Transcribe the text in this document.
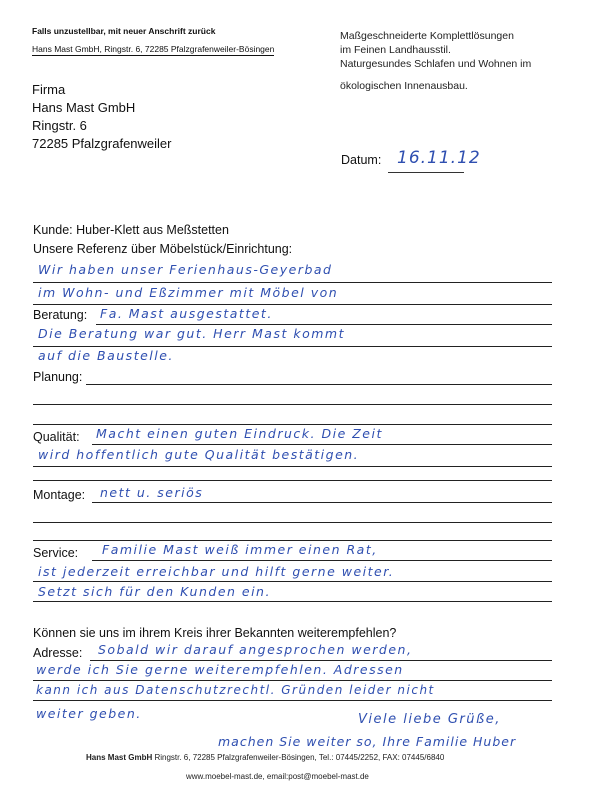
Falls unzustellbar, mit neuer Anschrift zurück
Hans Mast GmbH, Ringstr. 6, 72285 Pfalzgrafenweiler-Bösingen
Maßgeschneiderte Komplettlösungen
im Feinen Landhausstil.
Naturgesundes Schlafen und Wohnen im
ökologischen Innenausbau.
Firma
Hans Mast GmbH
Ringstr. 6
72285 Pfalzgrafenweiler
Datum: 16.11.12
Kunde: Huber-Klett aus Meßstetten
Unsere Referenz über Möbelstück/Einrichtung:
Wir haben unser Ferienhaus-Geyerbad
im Wohn- und Eßzimmer mit Möbel von
Beratung: Fa. Mast ausgestattet.
Die Beratung war gut. Herr Mast kommt
auf die Baustelle.
Planung:
Qualität: Macht einen guten Eindruck. Die Zeit
wird hoffentlich gute Qualität bestätigen.
Montage: nett u. seriös
Service: Familie Mast weiß immer einen Rat,
ist jederzeit erreichbar und hilft gerne weiter.
Setzt sich für den Kunden ein.
Können sie uns im ihrem Kreis ihrer Bekannten weiterempfehlen?
Adresse: Sobald wir darauf angesprochen werden,
werde ich Sie gerne weiterempfehlen. Adressen
kann ich aus Datenschutzrechtl. Gründen leider nicht
weiter geben.	Viele liebe Grüße,
machen Sie weiter so, Ihre Familie Huber
Hans Mast GmbH Ringstr. 6, 72285 Pfalzgrafenweiler-Bösingen, Tel.: 07445/2252, FAX: 07445/6840
www.moebel-mast.de, email:post@moebel-mast.de
